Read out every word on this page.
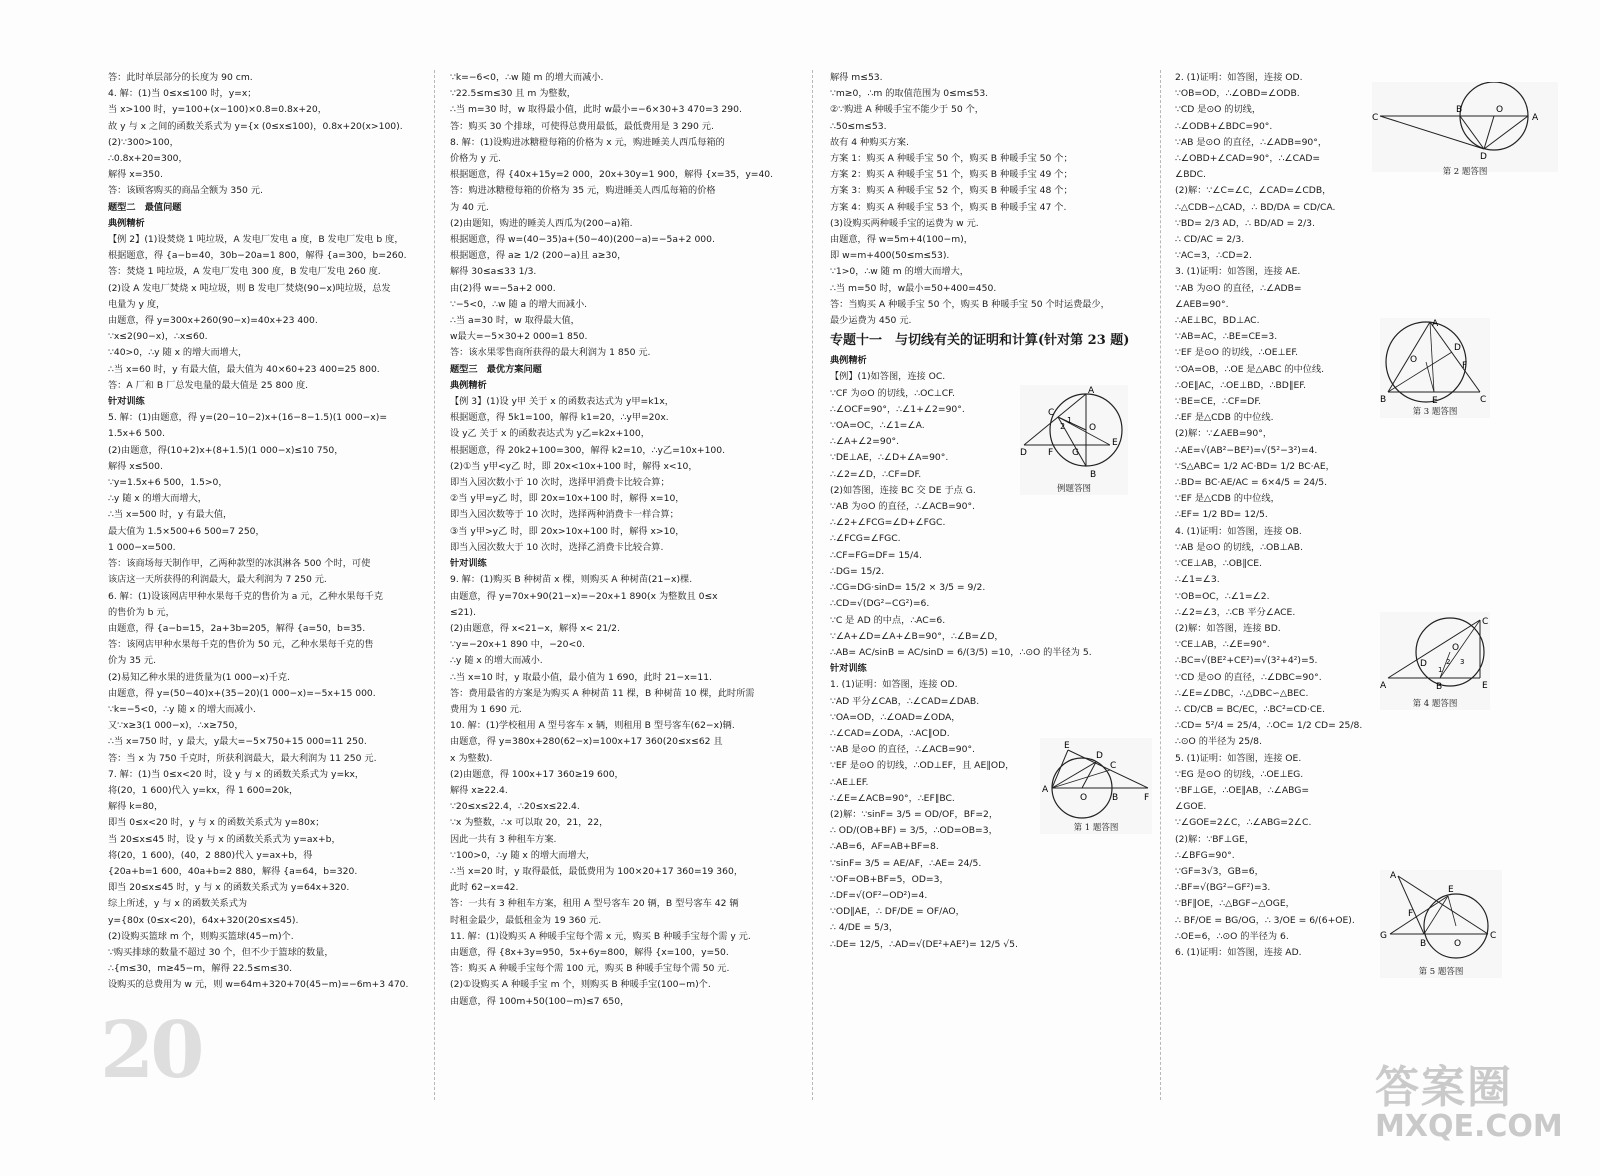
答：此时单层部分的长度为 90 cm.
4. 解：(1)当 0≤x≤100 时，y=x；
当 x>100 时，y=100+(x−100)×0.8=0.8x+20，
故 y 与 x 之间的函数关系式为 y={x (0≤x≤100)，0.8x+20(x>100).
(2)∵300>100，
∴0.8x+20=300，
解得 x=350.
答：该顾客购买的商品全额为 350 元.
题型二　最值问题
典例精析
【例 2】(1)设焚烧 1 吨垃圾，A 发电厂发电 a 度，B 发电厂发电 b 度，
根据题意，得 {a−b=40，30b−20a=1 800，解得 {a=300，b=260.
答：焚烧 1 吨垃圾，A 发电厂发电 300 度，B 发电厂发电 260 度.
(2)设 A 发电厂焚烧 x 吨垃圾，则 B 发电厂焚烧(90−x)吨垃圾，总发
电量为 y 度，
由题意，得 y=300x+260(90−x)=40x+23 400.
∵x≤2(90−x)，∴x≤60.
∵40>0，∴y 随 x 的增大而增大，
∴当 x=60 时，y 有最大值，最大值为 40×60+23 400=25 800.
答：A 厂和 B 厂总发电量的最大值是 25 800 度.
针对训练
5. 解：(1)由题意，得 y=(20−10−2)x+(16−8−1.5)(1 000−x)=
1.5x+6 500.
(2)由题意，得(10+2)x+(8+1.5)(1 000−x)≤10 750，
解得 x≤500.
∵y=1.5x+6 500，1.5>0，
∴y 随 x 的增大而增大，
∴当 x=500 时，y 有最大值，
最大值为 1.5×500+6 500=7 250，
1 000−x=500.
答：该商场每天制作甲，乙两种款型的冰淇淋各 500 个时，可使
该店这一天所获得的利润最大，最大利润为 7 250 元.
6. 解：(1)设该网店甲种水果每千克的售价为 a 元，乙种水果每千克
的售价为 b 元，
由题意，得 {a−b=15，2a+3b=205，解得 {a=50，b=35.
答：该网店甲种水果每千克的售价为 50 元，乙种水果每千克的售
价为 35 元.
(2)易知乙种水果的进货量为(1 000−x)千克.
由题意，得 y=(50−40)x+(35−20)(1 000−x)=−5x+15 000.
∵k=−5<0，∴y 随 x 的增大而减小.
又∵x≥3(1 000−x)，∴x≥750，
∴当 x=750 时，y 最大，y最大=−5×750+15 000=11 250.
答：当 x 为 750 千克时，所获利润最大，最大利润为 11 250 元.
7. 解：(1)当 0≤x<20 时，设 y 与 x 的函数关系式为 y=kx，
将(20，1 600)代入 y=kx，得 1 600=20k，
解得 k=80，
即当 0≤x<20 时，y 与 x 的函数关系式为 y=80x；
当 20≤x≤45 时，设 y 与 x 的函数关系式为 y=ax+b，
将(20，1 600)，(40，2 880)代入 y=ax+b，得
{20a+b=1 600，40a+b=2 880，解得 {a=64，b=320.
即当 20≤x≤45 时，y 与 x 的函数关系式为 y=64x+320.
综上所述，y 与 x 的函数关系式为
y={80x (0≤x<20)，64x+320(20≤x≤45).
(2)设购买篮球 m 个，则购买篮球(45−m)个.
∵购买排球的数量不超过 30 个，但不少于篮球的数量，
∴{m≤30，m≥45−m，解得 22.5≤m≤30.
设购买的总费用为 w 元，则 w=64m+320+70(45−m)=−6m+3 470.
∵k=−6<0，∴w 随 m 的增大而减小.
∵22.5≤m≤30 且 m 为整数，
∴当 m=30 时，w 取得最小值，此时 w最小=−6×30+3 470=3 290.
答：购买 30 个排球，可使得总费用最低，最低费用是 3 290 元.
8. 解：(1)设购进冰糖橙每箱的价格为 x 元，购进睡美人西瓜每箱的
价格为 y 元.
根据题意，得 {40x+15y=2 000，20x+30y=1 900，解得 {x=35，y=40.
答：购进冰糖橙每箱的价格为 35 元，购进睡美人西瓜每箱的价格
为 40 元.
(2)由题知，购进的睡美人西瓜为(200−a)箱.
根据题意，得 w=(40−35)a+(50−40)(200−a)=−5a+2 000.
根据题意，得 a≥ 1/2 (200−a)且 a≥30，
解得 30≤a≤33 1/3.
由(2)得 w=−5a+2 000.
∵−5<0，∴w 随 a 的增大而减小.
∴当 a=30 时，w 取得最大值，
w最大=−5×30+2 000=1 850.
答：该水果零售商所获得的最大利润为 1 850 元.
题型三　最优方案问题
典例精析
【例 3】(1)设 y甲 关于 x 的函数表达式为 y甲=k1x，
根据题意，得 5k1=100，解得 k1=20，∴y甲=20x.
设 y乙 关于 x 的函数表达式为 y乙=k2x+100，
根据题意，得 20k2+100=300，解得 k2=10，∴y乙=10x+100.
(2)①当 y甲<y乙 时，即 20x<10x+100 时，解得 x<10，
即当入园次数小于 10 次时，选择甲消费卡比较合算；
②当 y甲=y乙 时，即 20x=10x+100 时，解得 x=10，
即当入园次数等于 10 次时，选择两种消费卡一样合算；
③当 y甲>y乙 时，即 20x>10x+100 时，解得 x>10，
即当入园次数大于 10 次时，选择乙消费卡比较合算.
针对训练
9. 解：(1)购买 B 种树苗 x 棵，则购买 A 种树苗(21−x)棵.
由题意，得 y=70x+90(21−x)=−20x+1 890(x 为整数且 0≤x
≤21).
(2)由题意，得 x<21−x，解得 x< 21/2.
∵y=−20x+1 890 中，−20<0.
∴y 随 x 的增大而减小.
∴当 x=10 时，y 取最小值，最小值为 1 690，此时 21−x=11.
答：费用最省的方案是为购买 A 种树苗 11 棵，B 种树苗 10 棵，此时所需
费用为 1 690 元.
10. 解：(1)学校租用 A 型号客车 x 辆，则租用 B 型号客车(62−x)辆.
由题意，得 y=380x+280(62−x)=100x+17 360(20≤x≤62 且
x 为整数).
(2)由题意，得 100x+17 360≥19 600，
解得 x≥22.4.
∵20≤x≤22.4，∴20≤x≤22.4.
∵x 为整数，∴x 可以取 20，21，22，
因此一共有 3 种租车方案.
∵100>0，∴y 随 x 的增大而增大，
∴当 x=20 时，y 取得最低，最低费用为 100×20+17 360=19 360，
此时 62−x=42.
答：一共有 3 种租车方案，租用 A 型号客车 20 辆，B 型号客车 42 辆
时租金最少，最低租金为 19 360 元.
11. 解：(1)设购买 A 种暖手宝每个需 x 元，购买 B 种暖手宝每个需 y 元.
由题意，得 {8x+3y=950，5x+6y=800，解得 {x=100，y=50.
答：购买 A 种暖手宝每个需 100 元，购买 B 种暖手宝每个需 50 元.
(2)①设购买 A 种暖手宝 m 个，则购买 B 种暖手宝(100−m)个.
由题意，得 100m+50(100−m)≤7 650，
解得 m≤53.
∵m≥0，∴m 的取值范围为 0≤m≤53.
②∵购进 A 种暖手宝不能少于 50 个，
∴50≤m≤53.
故有 4 种购买方案.
方案 1：购买 A 种暖手宝 50 个，购买 B 种暖手宝 50 个；
方案 2：购买 A 种暖手宝 51 个，购买 B 种暖手宝 49 个；
方案 3：购买 A 种暖手宝 52 个，购买 B 种暖手宝 48 个；
方案 4：购买 A 种暖手宝 53 个，购买 B 种暖手宝 47 个.
(3)设购买两种暖手宝的运费为 w 元.
由题意，得 w=5m+4(100−m)，
即 w=m+400(50≤m≤53).
∵1>0，∴w 随 m 的增大而增大，
∴当 m=50 时，w最小=50+400=450.
答：当购买 A 种暖手宝 50 个，购买 B 种暖手宝 50 个时运费最少，
最少运费为 450 元.
专题十一　与切线有关的证明和计算(针对第 23 题)
典例精析
【例】(1)如答图，连接 OC.
∵CF 为⊙O 的切线，∴OC⊥CF.
∴∠OCF=90°，∴∠1+∠2=90°.
∵OA=OC，∴∠1=∠A.
∴∠A+∠2=90°.
∵DE⊥AE，∴∠D+∠A=90°.
∴∠2=∠D，∴CF=DF.
(2)如答图，连接 BC 交 DE 于点 G.
∵AB 为⊙O 的直径，∴∠ACB=90°.
∴∠2+∠FCG=∠D+∠FGC.
∴∠FCG=∠FGC.
∴CF=FG=DF= 15/4.
∴DG= 15/2.
∴CG=DG·sinD= 15/2 × 3/5 = 9/2.
∴CD=√(DG²−CG²)=6.
∵C 是 AD 的中点，∴AC=6.
∵∠A+∠D=∠A+∠B=90°，∴∠B=∠D，
∴AB= AC/sinB = AC/sinD = 6/(3/5) =10，∴⊙O 的半径为 5.
针对训练
1. (1)证明：如答图，连接 OD.
∵AD 平分∠CAB，∴∠CAD=∠DAB.
∵OA=OD，∴∠OAD=∠ODA，
∴∠CAD=∠ODA，∴AC∥OD.
∵AB 是⊙O 的直径，∴∠ACB=90°.
∵EF 是⊙O 的切线，∴OD⊥EF，且 AE∥OD，
∴AE⊥EF.
∴∠E=∠ACB=90°，∴EF∥BC.
(2)解：∵sinF= 3/5 = OD/OF，BF=2，
∴ OD/(OB+BF) = 3/5，∴OD=OB=3，
∴AB=6，AF=AB+BF=8.
∵sinF= 3/5 = AE/AF，∴AE= 24/5.
∵OF=OB+BF=5，OD=3，
∴DF=√(OF²−OD²)=4.
∵OD∥AE，∴ DF/DE = OF/AO，
∴ 4/DE = 5/3，
∴DE= 12/5，∴AD=√(DE²+AE²)= 12/5 √5.
2. (1)证明：如答图，连接 OD.
∵OB=OD，∴∠OBD=∠ODB.
∵CD 是⊙O 的切线，
∴∠ODB+∠BDC=90°.
∵AB 是⊙O 的直径，∴∠ADB=90°，
∴∠OBD+∠CAD=90°，∴∠CAD=
∠BDC.
(2)解：∵∠C=∠C，∠CAD=∠CDB，
∴△CDB∽△CAD，∴ BD/DA = CD/CA.
∵BD= 2/3 AD，∴ BD/AD = 2/3.
∴ CD/AC = 2/3.
∵AC=3，∴CD=2.
3. (1)证明：如答图，连接 AE.
∵AB 为⊙O 的直径，∴∠ADB=
∠AEB=90°.
∴AE⊥BC，BD⊥AC.
∵AB=AC，∴BE=CE=3.
∵EF 是⊙O 的切线，∴OE⊥EF.
∵OA=OB，∴OE 是△ABC 的中位线.
∴OE∥AC，∴OE⊥BD，∴BD∥EF.
∵BE=CE，∴CF=DF.
∴EF 是△CDB 的中位线.
(2)解：∵∠AEB=90°，
∴AE=√(AB²−BE²)=√(5²−3²)=4.
∵S△ABC= 1/2 AC·BD= 1/2 BC·AE，
∴BD= BC·AE/AC = 6×4/5 = 24/5.
∵EF 是△CDB 的中位线，
∴EF= 1/2 BD= 12/5.
4. (1)证明：如答图，连接 OB.
∵AB 是⊙O 的切线，∴OB⊥AB.
∵CE⊥AB，∴OB∥CE.
∴∠1=∠3.
∵OB=OC，∴∠1=∠2.
∴∠2=∠3，∴CB 平分∠ACE.
(2)解：如答图，连接 BD.
∵CE⊥AB，∴∠E=90°.
∴BC=√(BE²+CE²)=√(3²+4²)=5.
∵CD 是⊙O 的直径，∴∠DBC=90°.
∴∠E=∠DBC，∴△DBC∽△BEC.
∴ CD/CB = BC/EC，∴BC²=CD·CE.
∴CD= 5²/4 = 25/4，∴OC= 1/2 CD= 25/8.
∴⊙O 的半径为 25/8.
5. (1)证明：如答图，连接 OE.
∵EG 是⊙O 的切线，∴OE⊥EG.
∵BF⊥GE，∴OE∥AB，∴∠ABG=
∠GOE.
∵∠GOE=2∠C，∴∠ABG=2∠C.
(2)解：∵BF⊥GE，
∴∠BFG=90°.
∵GF=3√3，GB=6，
∴BF=√(BG²−GF²)=3.
∵BF∥OE，∴△BGF∽△OGE，
∴ BF/OE = BG/OG，∴ 3/OE = 6/(6+OE).
∴OE=6，∴⊙O 的半径为 6.
6. (1)证明：如答图，连接 AD.
A
C
2
1
O
E
D F G
B
例题答图
E
D
C
A
O	B	F
第 1 题答图
C
B	O
A
D
第 2 题答图
A
D
O
F
B	E	C
第 3 题答图
C
O
3
2
1
A	B	E
D
第 4 题答图
A
F
E
G
B	O
C
第 5 题答图
20	答案圈
MXQE.COM
